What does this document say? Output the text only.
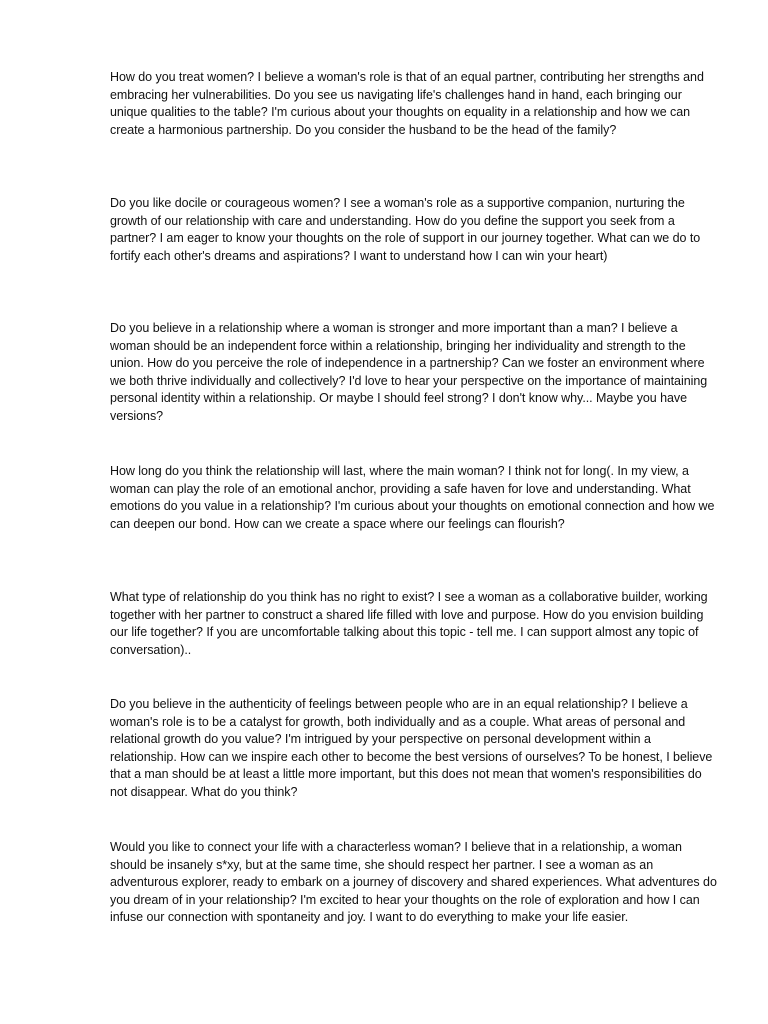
How do you treat women? I believe a woman's role is that of an equal partner, contributing her strengths and embracing her vulnerabilities. Do you see us navigating life's challenges hand in hand, each bringing our unique qualities to the table? I'm curious about your thoughts on equality in a relationship and how we can create a harmonious partnership. Do you consider the husband to be the head of the family?

Do you like docile or courageous women? I see a woman's role as a supportive companion, nurturing the growth of our relationship with care and understanding. How do you define the support you seek from a partner? I am eager to know your thoughts on the role of support in our journey together. What can we do to fortify each other's dreams and aspirations? I want to understand how I can win your heart)

Do you believe in a relationship where a woman is stronger and more important than a man? I believe a woman should be an independent force within a relationship, bringing her individuality and strength to the union. How do you perceive the role of independence in a partnership? Can we foster an environment where we both thrive individually and collectively? I'd love to hear your perspective on the importance of maintaining personal identity within a relationship. Or maybe I should feel strong? I don't know why... Maybe you have versions?

How long do you think the relationship will last, where the main woman? I think not for long(. In my view, a woman can play the role of an emotional anchor, providing a safe haven for love and understanding. What emotions do you value in a relationship? I'm curious about your thoughts on emotional connection and how we can deepen our bond. How can we create a space where our feelings can flourish?

What type of relationship do you think has no right to exist? I see a woman as a collaborative builder, working together with her partner to construct a shared life filled with love and purpose. How do you envision building our life together? If you are uncomfortable talking about this topic - tell me. I can support almost any topic of conversation)..

Do you believe in the authenticity of feelings between people who are in an equal relationship? I believe a woman's role is to be a catalyst for growth, both individually and as a couple. What areas of personal and relational growth do you value? I'm intrigued by your perspective on personal development within a relationship. How can we inspire each other to become the best versions of ourselves? To be honest, I believe that a man should be at least a little more important, but this does not mean that women's responsibilities do not disappear. What do you think?

Would you like to connect your life with a characterless woman? I believe that in a relationship, a woman should be insanely s*xy, but at the same time, she should respect her partner. I see a woman as an adventurous explorer, ready to embark on a journey of discovery and shared experiences. What adventures do you dream of in your relationship? I'm excited to hear your thoughts on the role of exploration and how I can infuse our connection with spontaneity and joy. I want to do everything to make your life easier.
